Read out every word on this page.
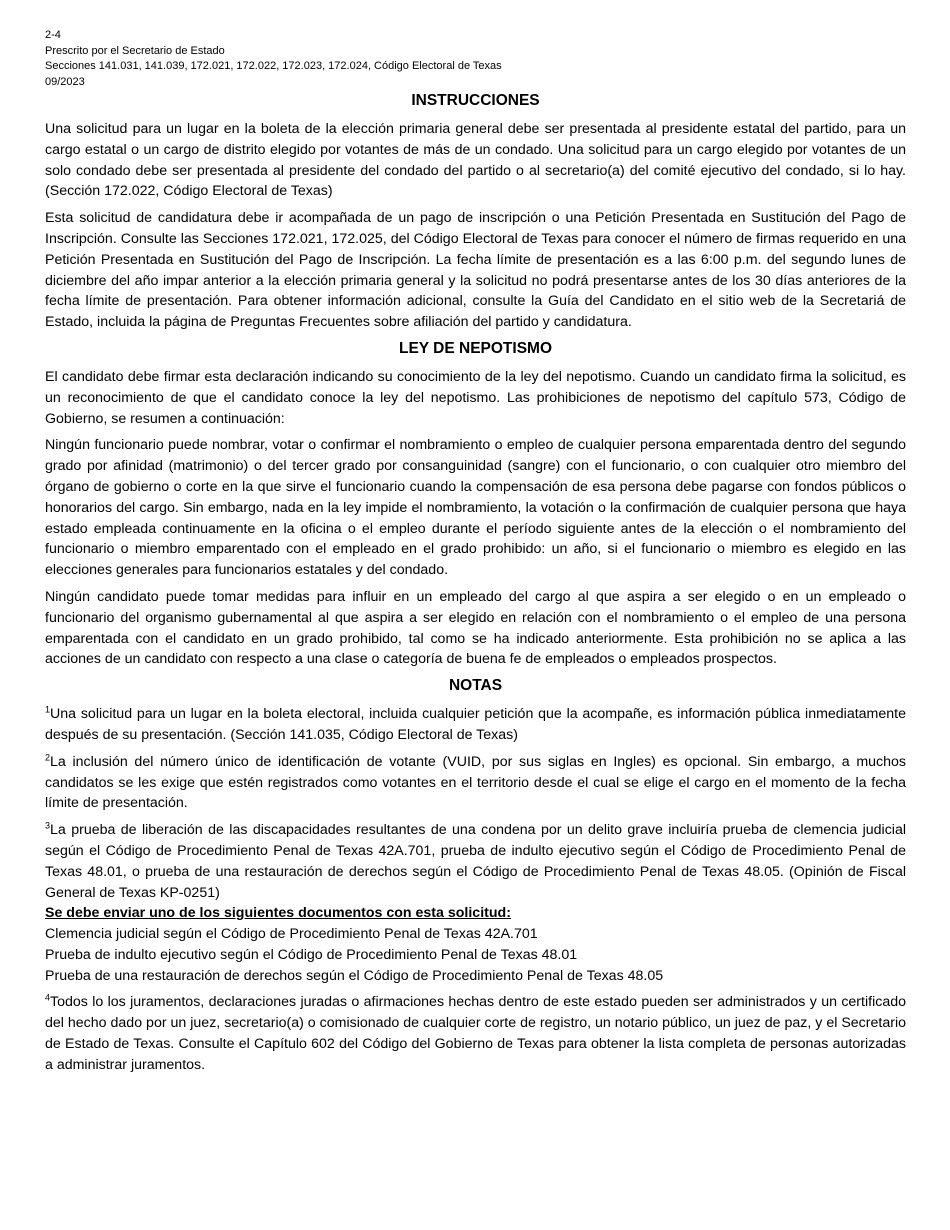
2-4
Prescrito por el Secretario de Estado
Secciones 141.031, 141.039, 172.021, 172.022, 172.023, 172.024, Código Electoral de Texas
09/2023
INSTRUCCIONES

Una solicitud para un lugar en la boleta de la elección primaria general debe ser presentada al presidente estatal del partido, para un cargo estatal o un cargo de distrito elegido por votantes de más de un condado. Una solicitud para un cargo elegido por votantes de un solo condado debe ser presentada al presidente del condado del partido o al secretario(a) del comité ejecutivo del condado, si lo hay. (Sección 172.022, Código Electoral de Texas)

Esta solicitud de candidatura debe ir acompañada de un pago de inscripción o una Petición Presentada en Sustitución del Pago de Inscripción. Consulte las Secciones 172.021, 172.025, del Código Electoral de Texas para conocer el número de firmas requerido en una Petición Presentada en Sustitución del Pago de Inscripción. La fecha límite de presentación es a las 6:00 p.m. del segundo lunes de diciembre del año impar anterior a la elección primaria general y la solicitud no podrá presentarse antes de los 30 días anteriores de la fecha límite de presentación. Para obtener información adicional, consulte la Guía del Candidato en el sitio web de la Secretariá de Estado, incluida la página de Preguntas Frecuentes sobre afiliación del partido y candidatura.

LEY DE NEPOTISMO

El candidato debe firmar esta declaración indicando su conocimiento de la ley del nepotismo. Cuando un candidato firma la solicitud, es un reconocimiento de que el candidato conoce la ley del nepotismo. Las prohibiciones de nepotismo del capítulo 573, Código de Gobierno, se resumen a continuación:

Ningún funcionario puede nombrar, votar o confirmar el nombramiento o empleo de cualquier persona emparentada dentro del segundo grado por afinidad (matrimonio) o del tercer grado por consanguinidad (sangre) con el funcionario, o con cualquier otro miembro del órgano de gobierno o corte en la que sirve el funcionario cuando la compensación de esa persona debe pagarse con fondos públicos o honorarios del cargo. Sin embargo, nada en la ley impide el nombramiento, la votación o la confirmación de cualquier persona que haya estado empleada continuamente en la oficina o el empleo durante el período siguiente antes de la elección o el nombramiento del funcionario o miembro emparentado con el empleado en el grado prohibido: un año, si el funcionario o miembro es elegido en las elecciones generales para funcionarios estatales y del condado.

Ningún candidato puede tomar medidas para influir en un empleado del cargo al que aspira a ser elegido o en un empleado o funcionario del organismo gubernamental al que aspira a ser elegido en relación con el nombramiento o el empleo de una persona emparentada con el candidato en un grado prohibido, tal como se ha indicado anteriormente. Esta prohibición no se aplica a las acciones de un candidato con respecto a una clase o categoría de buena fe de empleados o empleados prospectos.

NOTAS

$^1$Una solicitud para un lugar en la boleta electoral, incluida cualquier petición que la acompañe, es información pública inmediatamente después de su presentación. (Sección 141.035, Código Electoral de Texas)

$^2$La inclusión del número único de identificación de votante (VUID, por sus siglas en Ingles) es opcional. Sin embargo, a muchos candidatos se les exige que estén registrados como votantes en el territorio desde el cual se elige el cargo en el momento de la fecha límite de presentación.

$^3$La prueba de liberación de las discapacidades resultantes de una condena por un delito grave incluiría prueba de clemencia judicial según el Código de Procedimiento Penal de Texas 42A.701, prueba de indulto ejecutivo según el Código de Procedimiento Penal de Texas 48.01, o prueba de una restauración de derechos según el Código de Procedimiento Penal de Texas 48.05. (Opinión de Fiscal General de Texas KP-0251)

Se debe enviar uno de los siguientes documentos con esta solicitud:
Clemencia judicial según el Código de Procedimiento Penal de Texas 42A.701
Prueba de indulto ejecutivo según el Código de Procedimiento Penal de Texas 48.01
Prueba de una restauración de derechos según el Código de Procedimiento Penal de Texas 48.05

$^4$Todos lo los juramentos, declaraciones juradas o afirmaciones hechas dentro de este estado pueden ser administrados y un certificado del hecho dado por un juez, secretario(a) o comisionado de cualquier corte de registro, un notario público, un juez de paz, y el Secretario de Estado de Texas. Consulte el Capítulo 602 del Código del Gobierno de Texas para obtener la lista completa de personas autorizadas a administrar juramentos.
